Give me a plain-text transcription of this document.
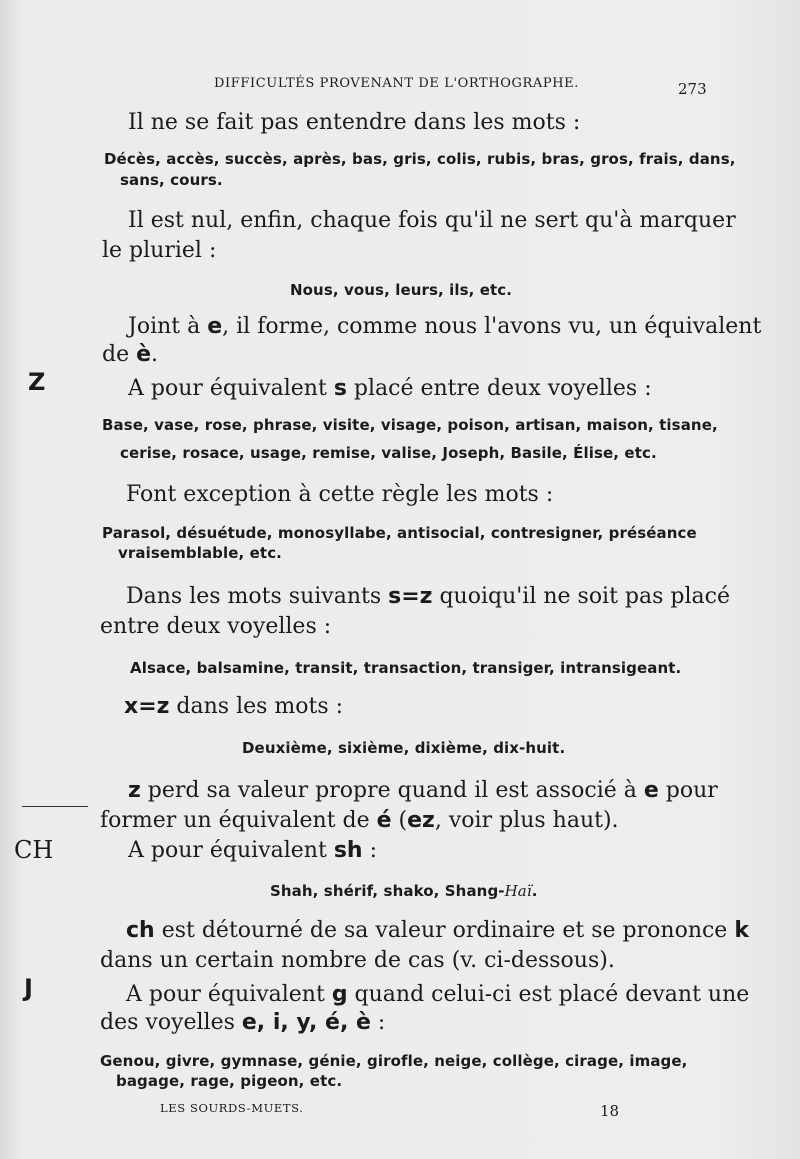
DIFFICULTÉS PROVENANT DE L'ORTHOGRAPHE.	273
Il ne se fait pas entendre dans les mots :
Décès, accès, succès, après, bas, gris, colis, rubis, bras, gros, frais, dans,
sans, cours.
Il est nul, enfin, chaque fois qu'il ne sert qu'à marquer
le pluriel :
Nous, vous, leurs, ils, etc.
Joint à e, il forme, comme nous l'avons vu, un équivalent
de è.
Z	A pour équivalent s placé entre deux voyelles :
Base, vase, rose, phrase, visite, visage, poison, artisan, maison, tisane,
cerise, rosace, usage, remise, valise, Joseph, Basile, Élise, etc.
Font exception à cette règle les mots :
Parasol, désuétude, monosyllabe, antisocial, contresigner, préséance
vraisemblable, etc.
Dans les mots suivants s=z quoiqu'il ne soit pas placé
entre deux voyelles :
Alsace, balsamine, transit, transaction, transiger, intransigeant.
x=z dans les mots :
Deuxième, sixième, dixième, dix-huit.
z perd sa valeur propre quand il est associé à e pour
former un équivalent de é (ez, voir plus haut).
CH	A pour équivalent sh :
Shah, shérif, shako, Shang-Haï.
ch est détourné de sa valeur ordinaire et se prononce k
dans un certain nombre de cas (v. ci-dessous).
J	A pour équivalent g quand celui-ci est placé devant une
des voyelles e, i, y, é, è :
Genou, givre, gymnase, génie, girofle, neige, collège, cirage, image,
bagage, rage, pigeon, etc.
LES SOURDS-MUETS.	18
